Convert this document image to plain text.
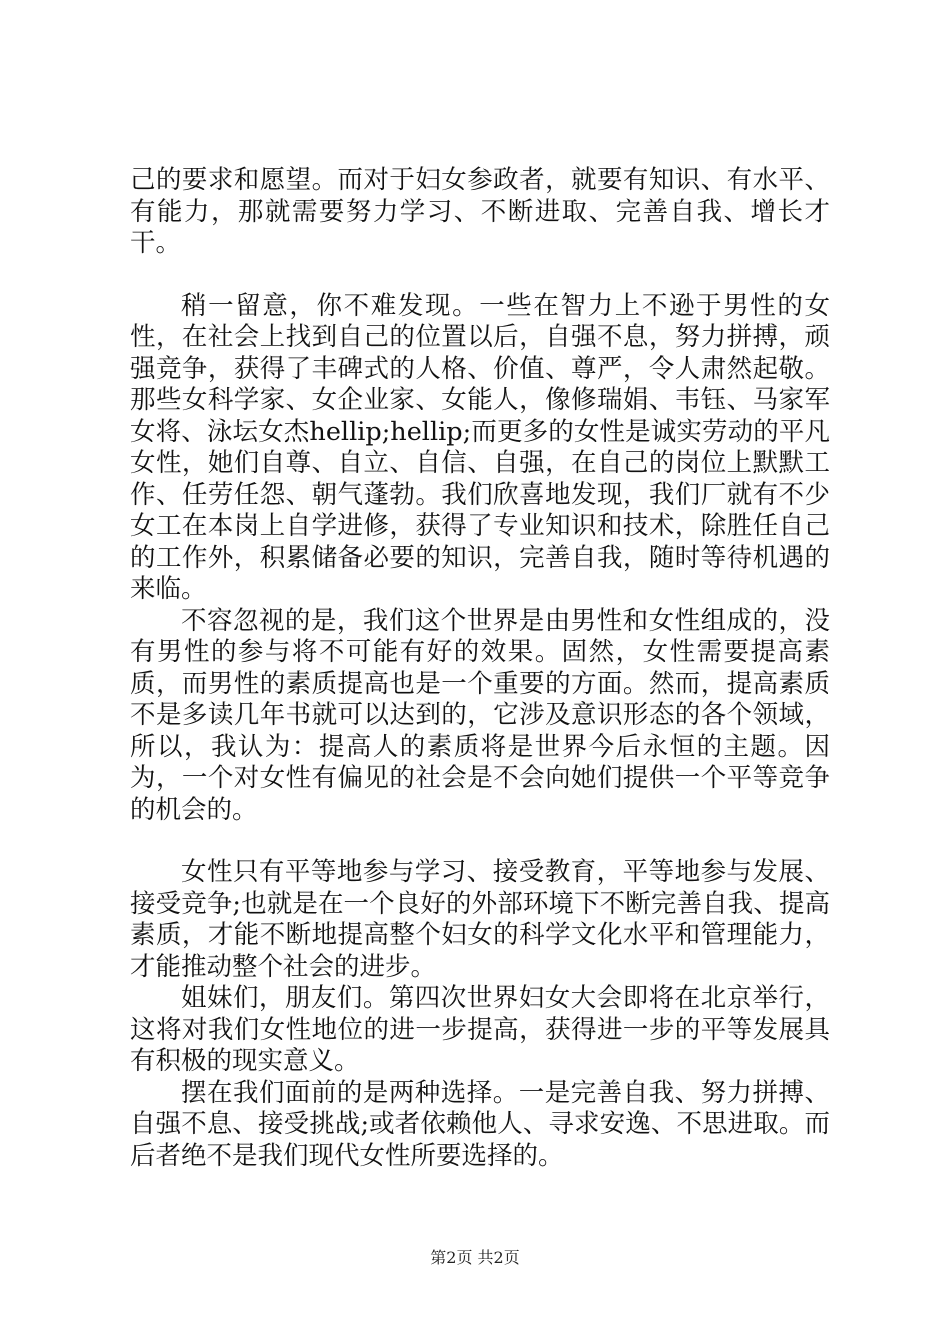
己的要求和愿望。而对于妇女参政者，就要有知识、有水平、有能力，那就需要努力学习、不断进取、完善自我、增长才干。

稍一留意，你不难发现。一些在智力上不逊于男性的女性，在社会上找到自己的位置以后，自强不息，努力拼搏，顽强竞争，获得了丰碑式的人格、价值、尊严，令人肃然起敬。那些女科学家、女企业家、女能人，像修瑞娟、韦钰、马家军女将、泳坛女杰hellip;hellip;而更多的女性是诚实劳动的平凡女性，她们自尊、自立、自信、自强，在自己的岗位上默默工作、任劳任怨、朝气蓬勃。我们欣喜地发现，我们厂就有不少女工在本岗上自学进修，获得了专业知识和技术，除胜任自己的工作外，积累储备必要的知识，完善自我，随时等待机遇的来临。

不容忽视的是，我们这个世界是由男性和女性组成的，没有男性的参与将不可能有好的效果。固然，女性需要提高素质，而男性的素质提高也是一个重要的方面。然而，提高素质不是多读几年书就可以达到的，它涉及意识形态的各个领域，所以，我认为：提高人的素质将是世界今后永恒的主题。因为，一个对女性有偏见的社会是不会向她们提供一个平等竞争的机会的。

女性只有平等地参与学习、接受教育，平等地参与发展、接受竞争;也就是在一个良好的外部环境下不断完善自我、提高素质，才能不断地提高整个妇女的科学文化水平和管理能力，才能推动整个社会的进步。

姐妹们，朋友们。第四次世界妇女大会即将在北京举行，这将对我们女性地位的进一步提高，获得进一步的平等发展具有积极的现实意义。

摆在我们面前的是两种选择。一是完善自我、努力拼搏、自强不息、接受挑战;或者依赖他人、寻求安逸、不思进取。而后者绝不是我们现代女性所要选择的。

第2页 共2页
